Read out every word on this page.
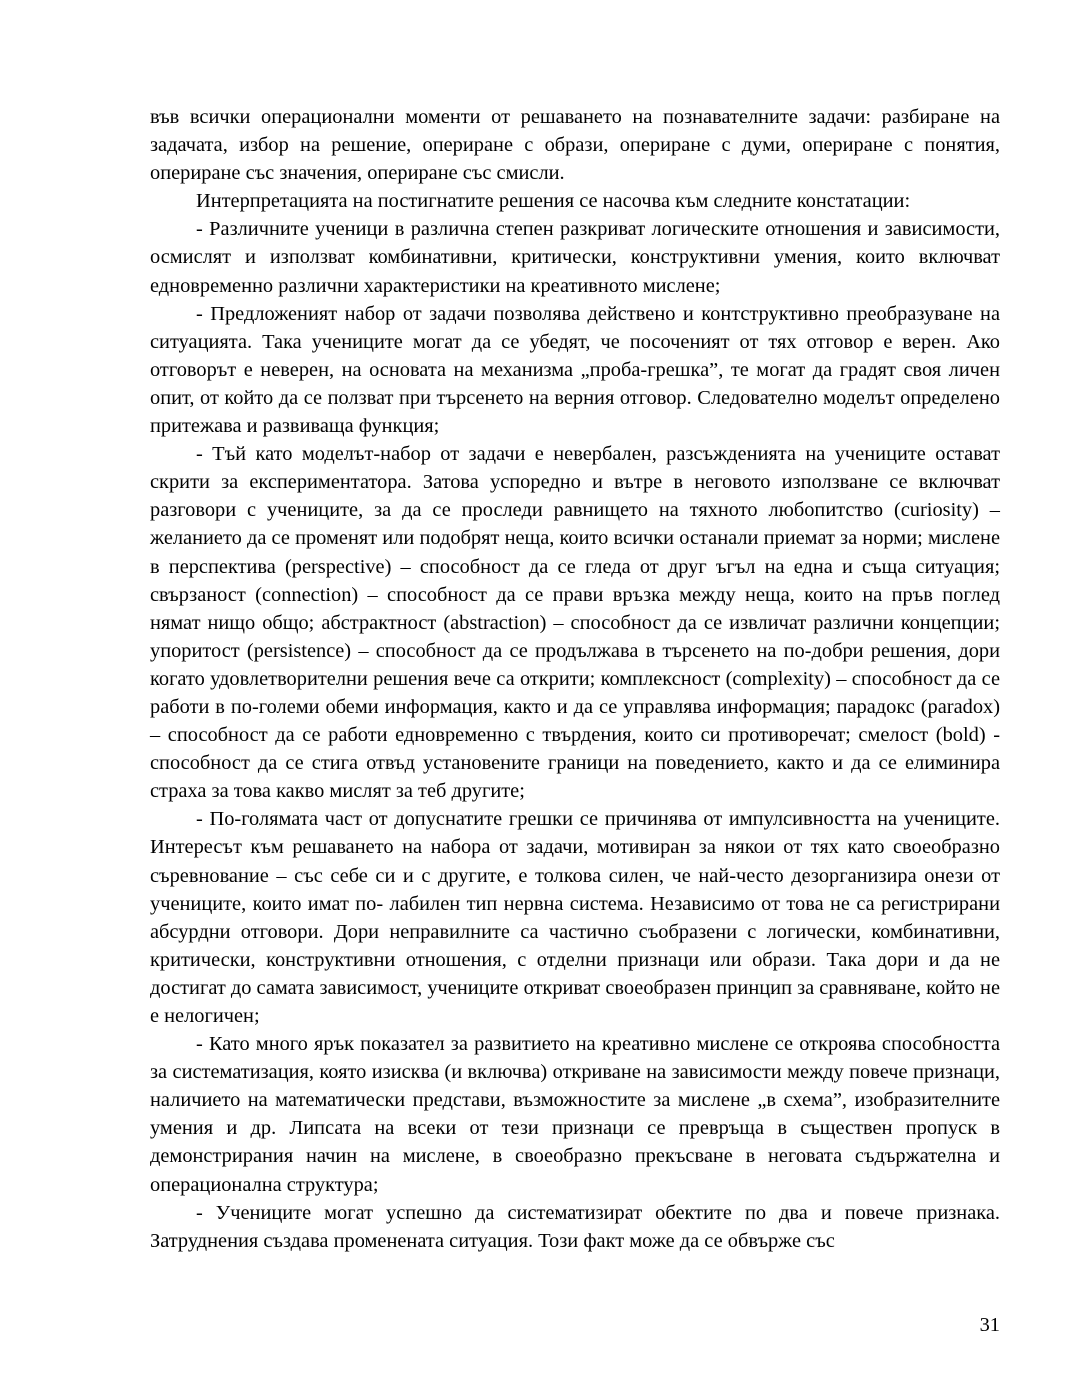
във всички операционални моменти от решаването на познавателните задачи: разбиране на задачата, избор на решение, опериране с образи, опериране с думи, опериране с понятия, опериране със значения, опериране със смисли.

Интерпретацията на постигнатите решения се насочва към следните констатации:

- Различните ученици в различна степен разкриват логическите отношения и зависимости, осмислят и използват комбинативни, критически, конструктивни умения, които включват едновременно различни характеристики на креативното мислене;

- Предложеният набор от задачи позволява действено и контструктивно преобразуване на ситуацията. Така учениците могат да се убедят, че посоченият от тях отговор е верен. Ако отговорът е неверен, на основата на механизма „проба-грешка”, те могат да градят своя личен опит, от който да се ползват при търсенето на верния отговор. Следователно моделът определено притежава и развиваща функция;

- Тъй като моделът-набор от задачи е невербален, разсъжденията на учениците остават скрити за експериментатора. Затова успоредно и вътре в неговото използване се включват разговори с учениците, за да се проследи равнището на тяхното любопитство (curiosity) – желанието да се променят или подобрят неща, които всички останали приемат за норми; мислене в перспектива (perspective) – способност да се гледа от друг ъгъл на една и съща ситуация; свързаност (connection) – способност да се прави връзка между неща, които на пръв поглед нямат нищо общо; абстрактност (abstraction) – способност да се извличат различни концепции; упоритост (persistence) – способност да се продължава в търсенето на по-добри решения, дори когато удовлетворителни решения вече са открити; комплексност (complexity) – способност да се работи в по-големи обеми информация, както и да се управлява информация; парадокс (paradox) – способност да се работи едновременно с твърдения, които си противоречат; смелост (bold) - способност да се стига отвъд установените граници на поведението, както и да се елиминира страха за това какво мислят за теб другите;

- По-голямата част от допуснатите грешки се причинява от импулсивността на учениците. Интересът към решаването на набора от задачи, мотивиран за някои от тях като своеобразно съревнование – със себе си и с другите, е толкова силен, че най-често дезорганизира онези от учениците, които имат по- лабилен тип нервна система. Независимо от това не са регистрирани абсурдни отговори. Дори неправилните са частично съобразени с логически, комбинативни, критически, конструктивни отношения, с отделни признаци или образи. Така дори и да не достигат до самата зависимост, учениците откриват своеобразен принцип за сравняване, който не е нелогичен;

- Като много ярък показател за развитието на креативно мислене се откроява способността за систематизация, която изисква (и включва) откриване на зависимости между повече признаци, наличието на математически представи, възможностите за мислене „в схема”, изобразителните умения и др. Липсата на всеки от тези признаци се превръща в съществен пропуск в демонстрирания начин на мислене, в своеобразно прекъсване в неговата съдържателна и операционална структура;

- Учениците могат успешно да систематизират обектите по два и повече признака. Затруднения създава променената ситуация. Този факт може да се обвърже със

31
